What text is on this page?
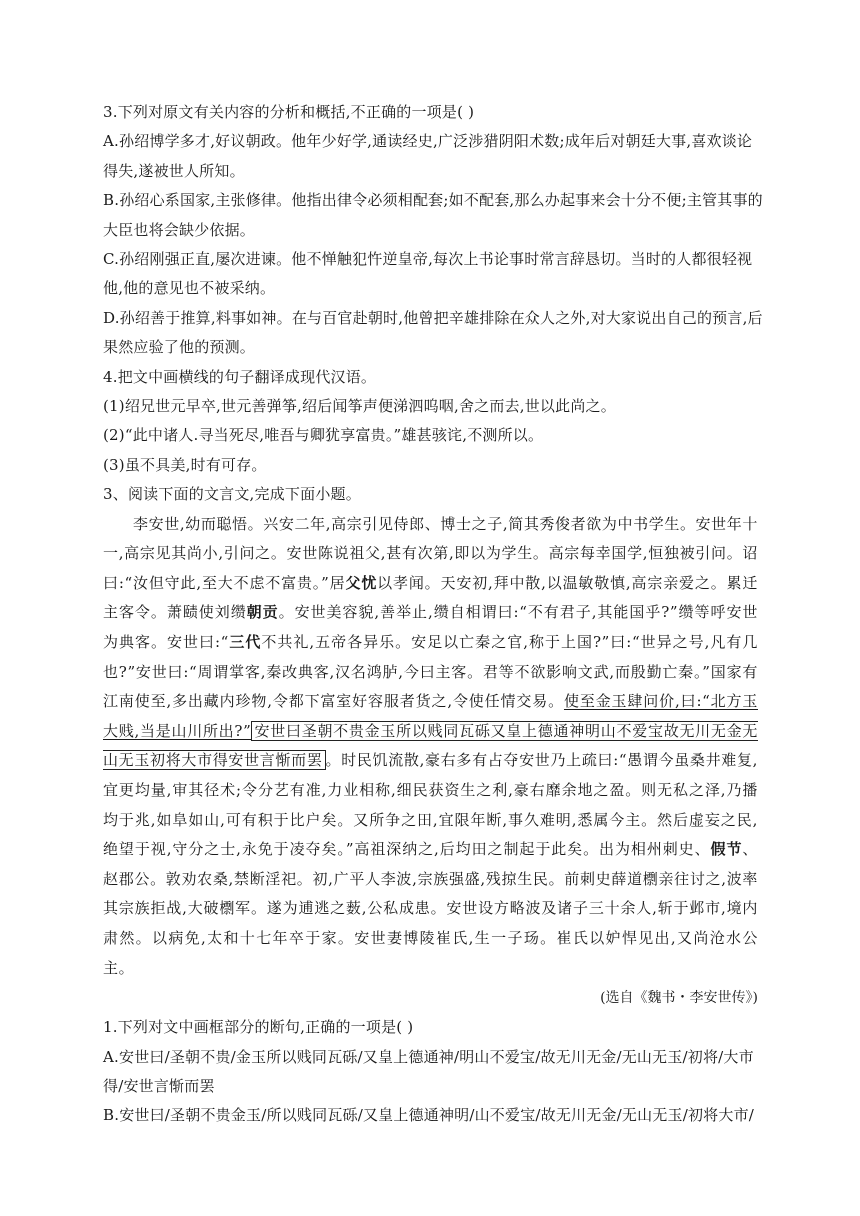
3.下列对原文有关内容的分析和概括,不正确的一项是( )
A.孙绍博学多才,好议朝政。他年少好学,通读经史,广泛涉猎阴阳术数;成年后对朝廷大事,喜欢谈论
得失,遂被世人所知。
B.孙绍心系国家,主张修律。他指出律令必须相配套;如不配套,那么办起事来会十分不便;主管其事的
大臣也将会缺少依据。
C.孙绍刚强正直,屡次进谏。他不惮触犯忤逆皇帝,每次上书论事时常言辞恳切。当时的人都很轻视
他,他的意见也不被采纳。
D.孙绍善于推算,料事如神。在与百官赴朝时,他曾把辛雄排除在众人之外,对大家说出自己的预言,后
果然应验了他的预测。
4.把文中画横线的句子翻译成现代汉语。
(1)绍兄世元早卒,世元善弹筝,绍后闻筝声便涕泗呜咽,舍之而去,世以此尚之。
(2)“此中诸人.寻当死尽,唯吾与卿犹享富贵。”雄甚骇诧,不测所以。
(3)虽不具美,时有可存。
3、阅读下面的文言文,完成下面小题。

李安世,幼而聪悟。兴安二年,高宗引见侍郎、博士之子,简其秀俊者欲为中书学生。安世年十一,高宗见其尚小,引问之。安世陈说祖父,甚有次第,即以为学生。高宗每幸国学,恒独被引问。诏曰:“汝但守此,至大不虑不富贵。”居父忧以孝闻。天安初,拜中散,以温敏敬慎,高宗亲爱之。累迁主客令。萧赜使刘缵朝贡。安世美容貌,善举止,缵自相谓曰:“不有君子,其能国乎?”缵等呼安世为典客。安世曰:“三代不共礼,五帝各异乐。安足以亡秦之官,称于上国?”曰:“世异之号,凡有几也?”安世曰:“周谓掌客,秦改典客,汉名鸿胪,今曰主客。君等不欲影响文武,而殷勤亡秦。”国家有江南使至,多出藏内珍物,令都下富室好容服者货之,令使任情交易。使至金玉肆问价,曰:“北方玉大贱,当是山川所出?” 安世曰圣朝不贵金玉所以贱同瓦砾又皇上德通神明山不爱宝故无川无金无山无玉初将大市得安世言惭而罢 。时民饥流散,豪右多有占夺安世乃上疏曰:“愚谓今虽桑井难复,宜更均量,审其径术;令分艺有准,力业相称,细民获资生之利,豪右靡余地之盈。则无私之泽,乃播均于兆,如阜如山,可有积于比户矣。又所争之田,宜限年断,事久难明,悉属今主。然后虚妄之民,绝望于视,守分之士,永免于凌夺矣。”高祖深纳之,后均田之制起于此矣。出为相州刺史、假节、赵郡公。敦劝农桑,禁断淫祀。初,广平人李波,宗族强盛,残掠生民。前刺史薛道檦亲往讨之,波率其宗族拒战,大破檦军。遂为逋逃之薮,公私成患。安世设方略波及诸子三十余人,斩于邺市,境内肃然。以病免,太和十七年卒于家。安世妻博陵崔氏,生一子玚。崔氏以妒悍见出,又尚沧水公主。

(选自《魏书・李安世传》)
1.下列对文中画框部分的断句,正确的一项是( )
A.安世曰/圣朝不贵/金玉所以贱同瓦砾/又皇上德通神/明山不爱宝/故无川无金/无山无玉/初将/大市
得/安世言惭而罢
B.安世曰/圣朝不贵金玉/所以贱同瓦砾/又皇上德通神明/山不爱宝/故无川无金/无山无玉/初将大市/
